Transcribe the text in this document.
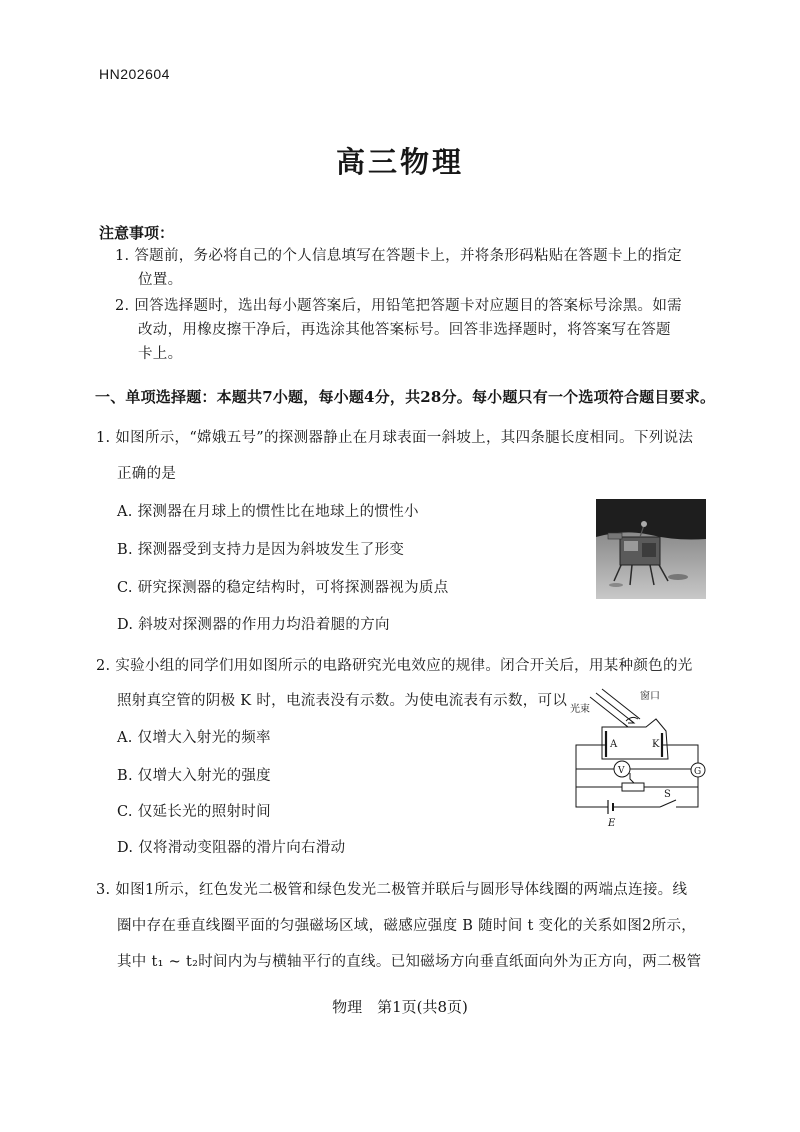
HN202604
高三物理
注意事项：
1. 答题前，务必将自己的个人信息填写在答题卡上，并将条形码粘贴在答题卡上的指定
位置。
2. 回答选择题时，选出每小题答案后，用铅笔把答题卡对应题目的答案标号涂黑。如需
改动，用橡皮擦干净后，再选涂其他答案标号。回答非选择题时，将答案写在答题
卡上。
一、单项选择题：本题共7小题，每小题4分，共28分。每小题只有一个选项符合题目要求。
1. 如图所示，“嫦娥五号”的探测器静止在月球表面一斜坡上，其四条腿长度相同。下列说法
正确的是
A. 探测器在月球上的惯性比在地球上的惯性小
B. 探测器受到支持力是因为斜坡发生了形变
C. 研究探测器的稳定结构时，可将探测器视为质点
D. 斜坡对探测器的作用力均沿着腿的方向
2. 实验小组的同学们用如图所示的电路研究光电效应的规律。闭合开关后，用某种颜色的光
照射真空管的阴极 K 时，电流表没有示数。为使电流表有示数，可以
A. 仅增大入射光的频率
B. 仅增大入射光的强度
C. 仅延长光的照射时间
D. 仅将滑动变阻器的滑片向右滑动
窗口
光束
A	K
G
V
E
S
3. 如图1所示，红色发光二极管和绿色发光二极管并联后与圆形导体线圈的两端点连接。线
圈中存在垂直线圈平面的匀强磁场区域，磁感应强度 B 随时间 t 变化的关系如图2所示，
其中 t₁ ~ t₂时间内为与横轴平行的直线。已知磁场方向垂直纸面向外为正方向，两二极管
物理　第1页(共8页)
